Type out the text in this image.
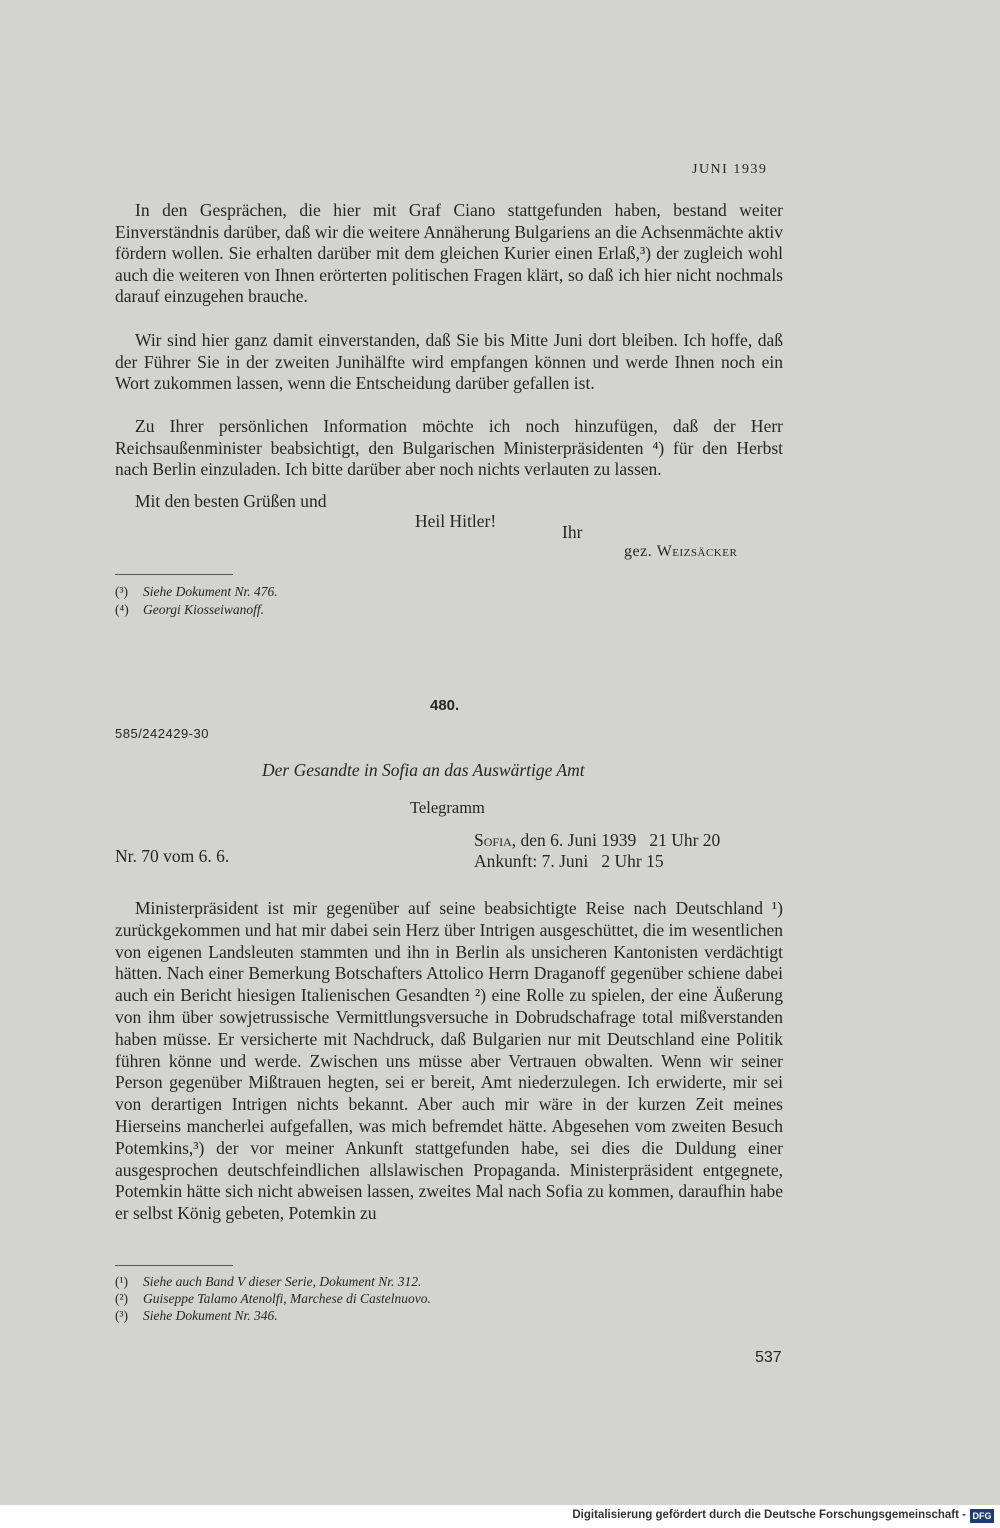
JUNI 1939

In den Gesprächen, die hier mit Graf Ciano stattgefunden haben, bestand weiter Einverständnis darüber, daß wir die weitere Annäherung Bulgariens an die Achsenmächte aktiv fördern wollen. Sie erhalten darüber mit dem gleichen Kurier einen Erlaß,³) der zugleich wohl auch die weiteren von Ihnen erörterten politischen Fragen klärt, so daß ich hier nicht nochmals darauf einzugehen brauche.

Wir sind hier ganz damit einverstanden, daß Sie bis Mitte Juni dort bleiben. Ich hoffe, daß der Führer Sie in der zweiten Junihälfte wird empfangen können und werde Ihnen noch ein Wort zukommen lassen, wenn die Entscheidung darüber gefallen ist.

Zu Ihrer persönlichen Information möchte ich noch hinzufügen, daß der Herr Reichsaußenminister beabsichtigt, den Bulgarischen Ministerpräsidenten ⁴) für den Herbst nach Berlin einzuladen. Ich bitte darüber aber noch nichts verlauten zu lassen.

Mit den besten Grüßen und
Heil Hitler!
Ihr
gez. Weizsäcker
(³) Siehe Dokument Nr. 476.
(⁴) Georgi Kiosseiwanoff.
480.
585/242429-30
Der Gesandte in Sofia an das Auswärtige Amt
Telegramm
Nr. 70 vom 6. 6.
Sofia, den 6. Juni 1939   21 Uhr 20
Ankunft: 7. Juni   2 Uhr 15

Ministerpräsident ist mir gegenüber auf seine beabsichtigte Reise nach Deutschland ¹) zurückgekommen und hat mir dabei sein Herz über Intrigen ausgeschüttet, die im wesentlichen von eigenen Landsleuten stammten und ihn in Berlin als unsicheren Kantonisten verdächtigt hätten. Nach einer Bemerkung Botschafters Attolico Herrn Draganoff gegenüber schiene dabei auch ein Bericht hiesigen Italienischen Gesandten ²) eine Rolle zu spielen, der eine Äußerung von ihm über sowjetrussische Vermittlungsversuche in Dobrudschafrage total mißverstanden haben müsse. Er versicherte mit Nachdruck, daß Bulgarien nur mit Deutschland eine Politik führen könne und werde. Zwischen uns müsse aber Vertrauen obwalten. Wenn wir seiner Person gegenüber Mißtrauen hegten, sei er bereit, Amt niederzulegen. Ich erwiderte, mir sei von derartigen Intrigen nichts bekannt. Aber auch mir wäre in der kurzen Zeit meines Hierseins mancherlei aufgefallen, was mich befremdet hätte. Abgesehen vom zweiten Besuch Potemkins,³) der vor meiner Ankunft stattgefunden habe, sei dies die Duldung einer ausgesprochen deutschfeindlichen allslawischen Propaganda. Ministerpräsident entgegnete, Potemkin hätte sich nicht abweisen lassen, zweites Mal nach Sofia zu kommen, daraufhin habe er selbst König gebeten, Potemkin zu

(¹) Siehe auch Band V dieser Serie, Dokument Nr. 312.
(²) Guiseppe Talamo Atenolfi, Marchese di Castelnuovo.
(³) Siehe Dokument Nr. 346.
537
Digitalisierung gefördert durch die Deutsche Forschungsgemeinschaft - DFG
